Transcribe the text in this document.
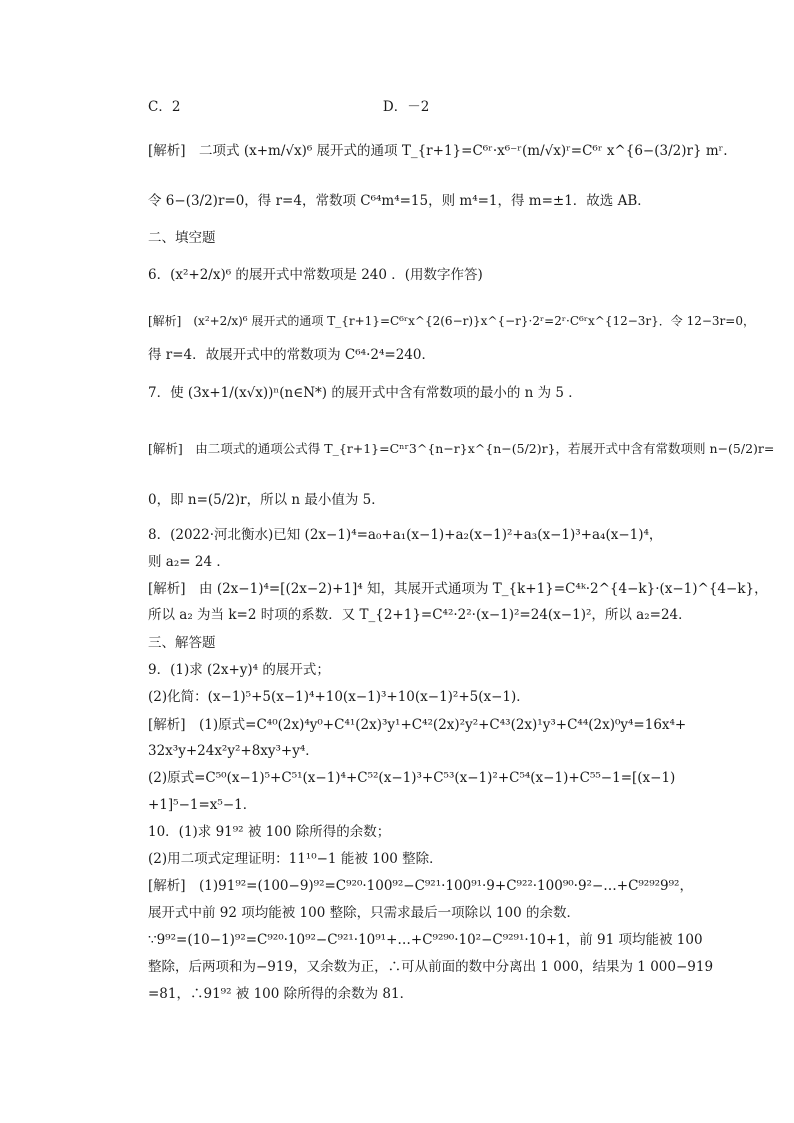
C．2　　　　　　　　　　　　　　　D．－2
[解析]　二项式 (x+m/√x)⁶ 展开式的通项 T_{r+1}=C⁶ʳ·x⁶⁻ʳ(m/√x)ʳ=C⁶ʳ x^{6−(3/2)r} mʳ.
令 6−(3/2)r=0，得 r=4，常数项 C⁶⁴m⁴=15，则 m⁴=1，得 m=±1．故选 AB．
二、填空题
6．(x²+2/x)⁶ 的展开式中常数项是 240 ．(用数字作答)
[解析]　(x²+2/x)⁶ 展开式的通项 T_{r+1}=C⁶ʳx^{2(6−r)}x^{−r}·2ʳ=2ʳ·C⁶ʳx^{12−3r}．令 12−3r=0，
得 r=4．故展开式中的常数项为 C⁶⁴·2⁴=240．
7．使 (3x+1/(x√x))ⁿ(n∈N*) 的展开式中含有常数项的最小的 n 为 5 ．
[解析]　由二项式的通项公式得 T_{r+1}=Cⁿʳ3^{n−r}x^{n−(5/2)r}，若展开式中含有常数项则 n−(5/2)r=
0，即 n=(5/2)r，所以 n 最小值为 5．
8．(2022·河北衡水)已知 (2x−1)⁴=a₀+a₁(x−1)+a₂(x−1)²+a₃(x−1)³+a₄(x−1)⁴，
则 a₂= 24 ．
[解析]　由 (2x−1)⁴=[(2x−2)+1]⁴ 知，其展开式通项为 T_{k+1}=C⁴ᵏ·2^{4−k}·(x−1)^{4−k}，
所以 a₂ 为当 k=2 时项的系数．又 T_{2+1}=C⁴²·2²·(x−1)²=24(x−1)²，所以 a₂=24．
三、解答题
9．(1)求 (2x+y)⁴ 的展开式；
(2)化简：(x−1)⁵+5(x−1)⁴+10(x−1)³+10(x−1)²+5(x−1)．
[解析]　(1)原式=C⁴⁰(2x)⁴y⁰+C⁴¹(2x)³y¹+C⁴²(2x)²y²+C⁴³(2x)¹y³+C⁴⁴(2x)⁰y⁴=16x⁴+
32x³y+24x²y²+8xy³+y⁴．
(2)原式=C⁵⁰(x−1)⁵+C⁵¹(x−1)⁴+C⁵²(x−1)³+C⁵³(x−1)²+C⁵⁴(x−1)+C⁵⁵−1=[(x−1)
+1]⁵−1=x⁵−1．
10．(1)求 91⁹² 被 100 除所得的余数；
(2)用二项式定理证明：11¹⁰−1 能被 100 整除．
[解析]　(1)91⁹²=(100−9)⁹²=C⁹²⁰·100⁹²−C⁹²¹·100⁹¹·9+C⁹²²·100⁹⁰·9²−…+C⁹²⁹²9⁹²，
展开式中前 92 项均能被 100 整除，只需求最后一项除以 100 的余数．
∵9⁹²=(10−1)⁹²=C⁹²⁰·10⁹²−C⁹²¹·10⁹¹+…+C⁹²⁹⁰·10²−C⁹²⁹¹·10+1，前 91 项均能被 100
整除，后两项和为−919，又余数为正，∴可从前面的数中分离出 1 000，结果为 1 000−919
=81，∴91⁹² 被 100 除所得的余数为 81．
